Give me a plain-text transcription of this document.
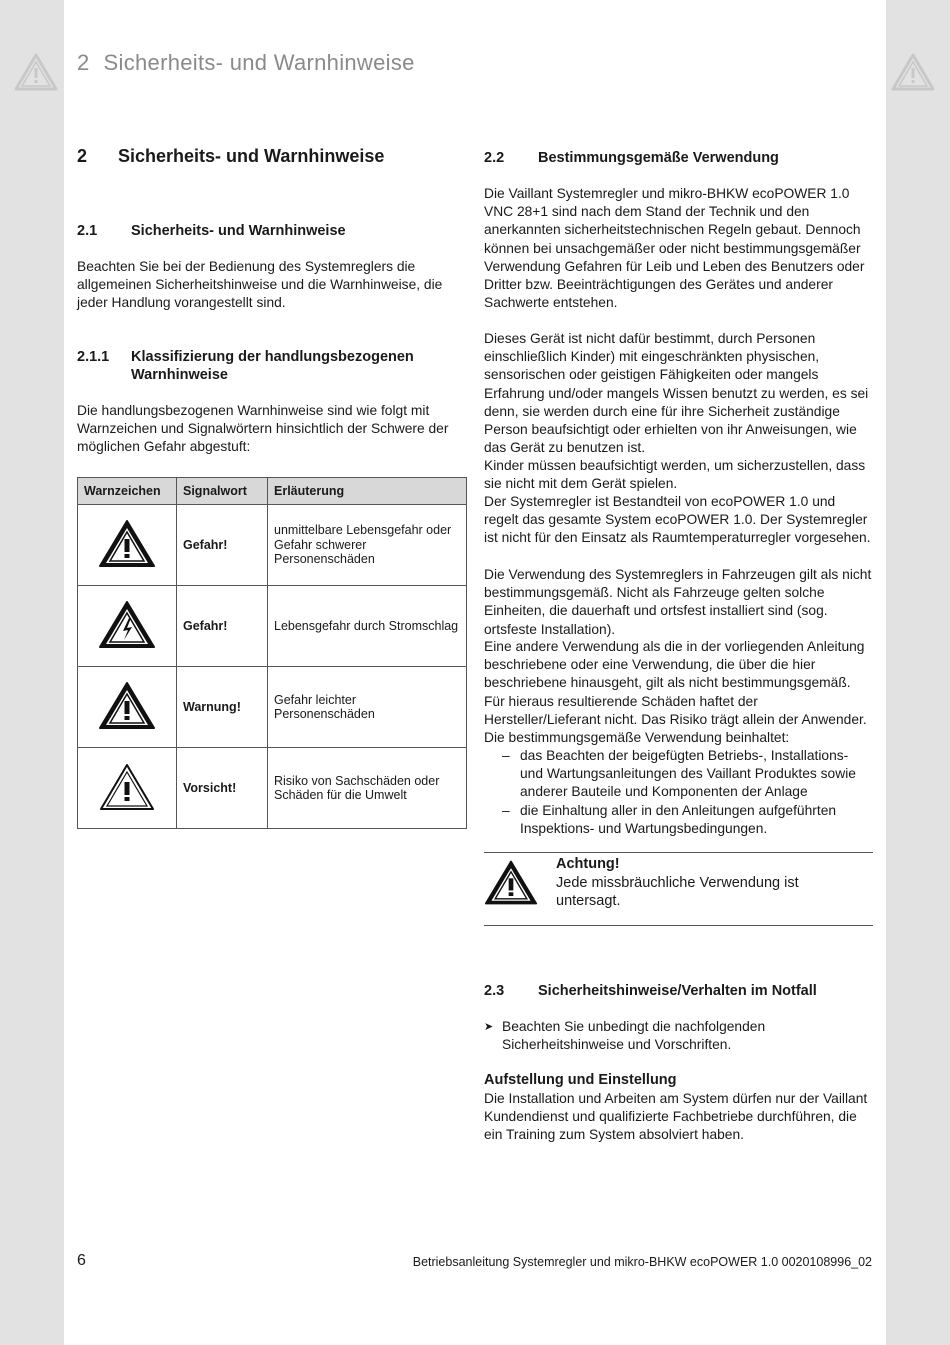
2 Sicherheits- und Warnhinweise
2 Sicherheits- und Warnhinweise
2.1 Sicherheits- und Warnhinweise

Beachten Sie bei der Bedienung des Systemreglers die allgemeinen Sicherheitshinweise und die Warnhinweise, die jeder Handlung vorangestellt sind.

2.1.1 Klassifizierung der handlungsbezogenen
Warnhinweise

Die handlungsbezogenen Warnhinweise sind wie folgt mit Warnzeichen und Signalwörtern hinsichtlich der Schwere der möglichen Gefahr abgestuft:

Warnzeichen	Signalwort	Erläuterung
	Gefahr!	unmittelbare Lebensgefahr oder Gefahr schwerer Personenschäden
	Gefahr!	Lebensgefahr durch Stromschlag
	Warnung!	Gefahr leichter Personenschäden
	Vorsicht!	Risiko von Sachschäden oder Schäden für die Umwelt
2.2 Bestimmungsgemäße Verwendung

Die Vaillant Systemregler und mikro-BHKW ecoPOWER 1.0 VNC 28+1 sind nach dem Stand der Technik und den anerkannten sicherheitstechnischen Regeln gebaut. Dennoch können bei unsachgemäßer oder nicht bestimmungsgemäßer Verwendung Gefahren für Leib und Leben des Benutzers oder Dritter bzw. Beeinträchtigungen des Gerätes und anderer Sachwerte entstehen.

Dieses Gerät ist nicht dafür bestimmt, durch Personen einschließlich Kinder) mit eingeschränkten physischen, sensorischen oder geistigen Fähigkeiten oder mangels Erfahrung und/oder mangels Wissen benutzt zu werden, es sei denn, sie werden durch eine für ihre Sicherheit zuständige Person beaufsichtigt oder erhielten von ihr Anweisungen, wie das Gerät zu benutzen ist.

Kinder müssen beaufsichtigt werden, um sicherzustellen, dass sie nicht mit dem Gerät spielen.

Der Systemregler ist Bestandteil von ecoPOWER 1.0 und regelt das gesamte System ecoPOWER 1.0. Der Systemregler ist nicht für den Einsatz als Raumtemperaturregler vorgesehen.

Die Verwendung des Systemreglers in Fahrzeugen gilt als nicht bestimmungsgemäß. Nicht als Fahrzeuge gelten solche Einheiten, die dauerhaft und ortsfest installiert sind (sog. ortsfeste Installation).

Eine andere Verwendung als die in der vorliegenden Anleitung beschriebene oder eine Verwendung, die über die hier beschriebene hinausgeht, gilt als nicht bestimmungsgemäß. Für hieraus resultierende Schäden haftet der Hersteller/Lieferant nicht. Das Risiko trägt allein der Anwender.

Die bestimmungsgemäße Verwendung beinhaltet:

– das Beachten der beigefügten Betriebs-, Installations- und Wartungsanleitungen des Vaillant Produktes sowie anderer Bauteile und Komponenten der Anlage
– die Einhaltung aller in den Anleitungen aufgeführten Inspektions- und Wartungsbedingungen.
Achtung!
Jede missbräuchliche Verwendung ist untersagt.
2.3 Sicherheitshinweise/Verhalten im Notfall
➤ Beachten Sie unbedingt die nachfolgenden Sicherheitshinweise und Vorschriften.
Aufstellung und Einstellung

Die Installation und Arbeiten am System dürfen nur der Vaillant Kundendienst und qualifizierte Fachbetriebe durchführen, die ein Training zum System absolviert haben.

6	Betriebsanleitung Systemregler und mikro-BHKW ecoPOWER 1.0 0020108996_02
